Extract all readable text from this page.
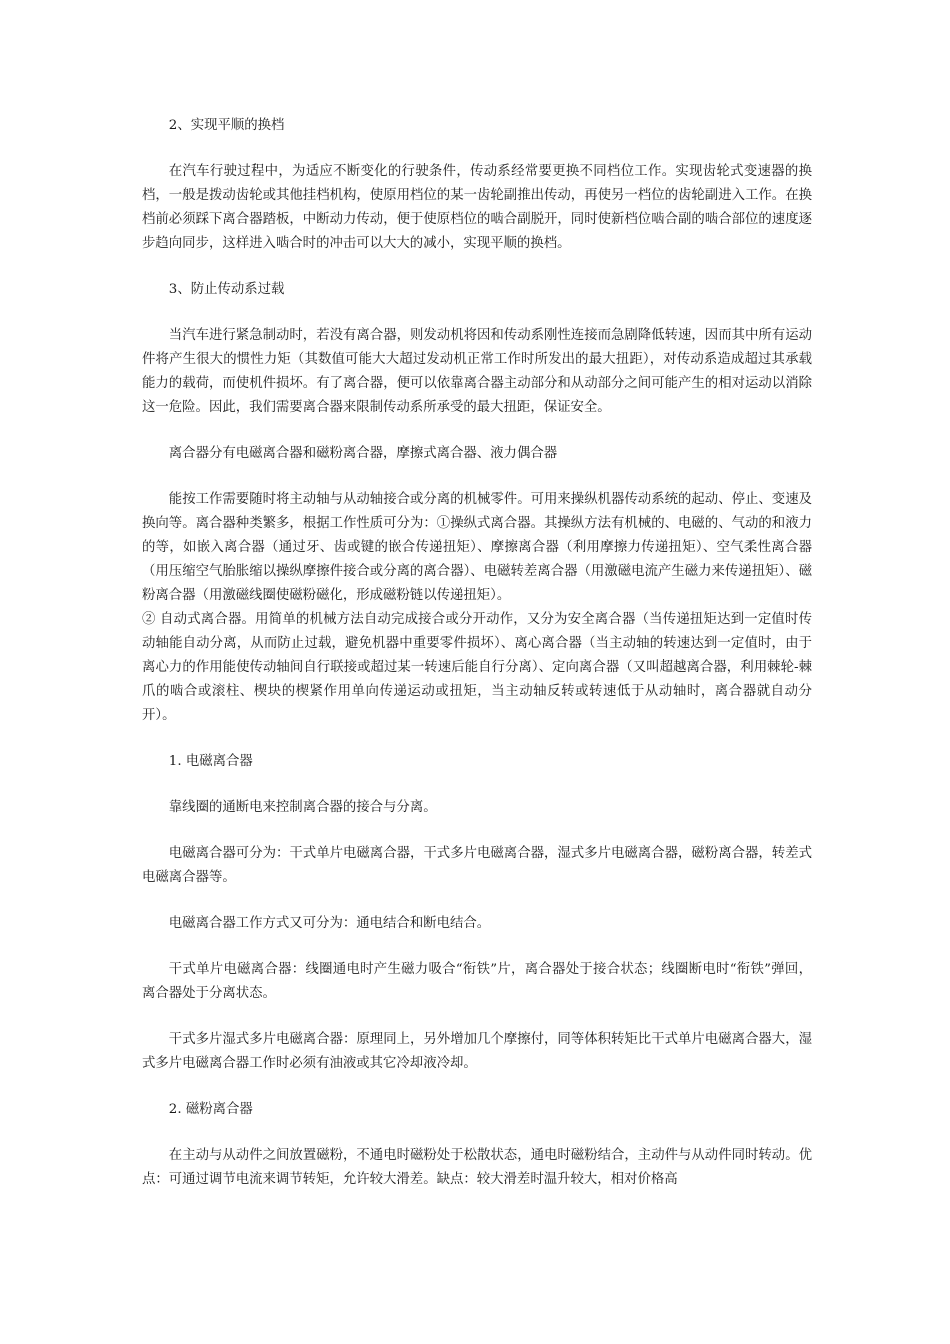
2、实现平顺的换档

在汽车行驶过程中，为适应不断变化的行驶条件，传动系经常要更换不同档位工作。实现齿轮式变速器的换档，一般是拨动齿轮或其他挂档机构，使原用档位的某一齿轮副推出传动，再使另一档位的齿轮副进入工作。在换档前必须踩下离合器踏板，中断动力传动，便于使原档位的啮合副脱开，同时使新档位啮合副的啮合部位的速度逐步趋向同步，这样进入啮合时的冲击可以大大的减小，实现平顺的换档。

3、防止传动系过载

当汽车进行紧急制动时，若没有离合器，则发动机将因和传动系刚性连接而急剧降低转速，因而其中所有运动件将产生很大的惯性力矩（其数值可能大大超过发动机正常工作时所发出的最大扭距），对传动系造成超过其承载能力的载荷，而使机件损坏。有了离合器，便可以依靠离合器主动部分和从动部分之间可能产生的相对运动以消除这一危险。因此，我们需要离合器来限制传动系所承受的最大扭距，保证安全。

离合器分有电磁离合器和磁粉离合器，摩擦式离合器、液力偶合器

能按工作需要随时将主动轴与从动轴接合或分离的机械零件。可用来操纵机器传动系统的起动、停止、变速及换向等。离合器种类繁多，根据工作性质可分为：①操纵式离合器。其操纵方法有机械的、电磁的、气动的和液力的等，如嵌入离合器（通过牙、齿或键的嵌合传递扭矩）、摩擦离合器（利用摩擦力传递扭矩）、空气柔性离合器（用压缩空气胎胀缩以操纵摩擦件接合或分离的离合器）、电磁转差离合器（用激磁电流产生磁力来传递扭矩）、磁粉离合器（用激磁线圈使磁粉磁化，形成磁粉链以传递扭矩）。
② 自动式离合器。用简单的机械方法自动完成接合或分开动作，又分为安全离合器（当传递扭矩达到一定值时传动轴能自动分离，从而防止过载，避免机器中重要零件损坏）、离心离合器（当主动轴的转速达到一定值时，由于离心力的作用能使传动轴间自行联接或超过某一转速后能自行分离）、定向离合器（又叫超越离合器，利用棘轮-棘爪的啮合或滚柱、楔块的楔紧作用单向传递运动或扭矩，当主动轴反转或转速低于从动轴时，离合器就自动分开）。

1. 电磁离合器

靠线圈的通断电来控制离合器的接合与分离。

电磁离合器可分为：干式单片电磁离合器，干式多片电磁离合器，湿式多片电磁离合器，磁粉离合器，转差式电磁离合器等。

电磁离合器工作方式又可分为：通电结合和断电结合。

干式单片电磁离合器：线圈通电时产生磁力吸合“衔铁”片，离合器处于接合状态；线圈断电时“衔铁”弹回，离合器处于分离状态。

干式多片湿式多片电磁离合器：原理同上，另外增加几个摩擦付，同等体积转矩比干式单片电磁离合器大，湿式多片电磁离合器工作时必须有油液或其它冷却液冷却。

2. 磁粉离合器

在主动与从动件之间放置磁粉，不通电时磁粉处于松散状态，通电时磁粉结合，主动件与从动件同时转动。优点：可通过调节电流来调节转矩，允许较大滑差。缺点：较大滑差时温升较大，相对价格高
